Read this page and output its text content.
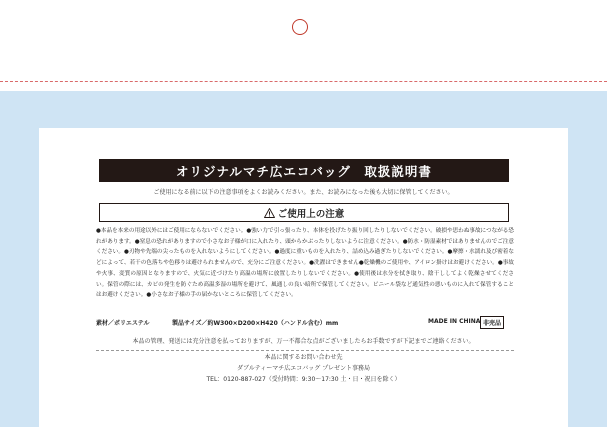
オリジナルマチ広エコバッグ　取扱説明書
ご使用になる前に以下の注意事項をよくお読みください。また、お読みになった後も大切に保管してください。
ご使用上の注意
●本品を本来の用途以外にはご使用にならないでください。●強い力で引っ張ったり、本体を投げたり振り回したりしないでください。破損や思わぬ事故につながる恐れがあります。●窒息の恐れがありますので小さなお子様が口に入れたり、頭からかぶったりしないように注意ください。●防水・防湿素材ではありませんのでご注意ください。●刃物や先端の尖ったものを入れないようにしてください。●過度に重いものを入れたり、詰め込み過ぎたりしないでください。●摩擦・水濡れ及び密着などによって、若干の色落ちや色移りは避けられませんので、充分にご注意ください。●洗濯はできません●乾燥機のご使用や、アイロン掛けはお避けください。●事故や火事、変質の原因となりますので、火気に近づけたり高温の場所に放置したりしないでください。●使用後は水分を拭き取り、陰干ししてよく乾燥させてください。保管の際には、カビの発生を防ぐため高温多湿の場所を避けて、風通しの良い暗所で保管してください。ビニール袋など通気性の悪いものに入れて保管することはお避けください。●小さなお子様の手の届かないところに保管してください。
素材／ポリエステル	製品サイズ／約W300×D200×H420（ハンドル含む）mm	MADE IN CHINA 非売品
本品の管理、発送には充分注意を払っておりますが、万一不都合な点がございましたらお手数ですが下記までご連絡ください。
本品に関するお問い合わせ先
ダブルティーマチ広エコバッグ プレゼント事務局
TEL：0120-887-027（受付時間：9:30～17:30 土・日・祝日を除く）
